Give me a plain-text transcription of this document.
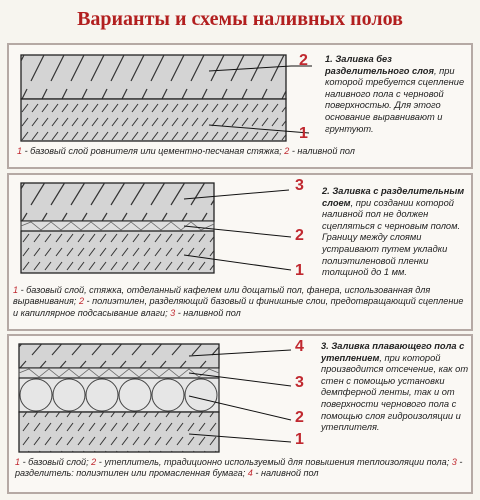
Варианты и схемы наливных полов
2
1
1. Заливка без разделительного слоя, при которой требуется сцепление наливного пола с черновой поверхностью. Для этого основание выравнивают и грунтуют.
1 - базовый слой ровнителя или цементно-песчаная стяжка; 2 - наливной пол
3
2
1
2. Заливка с разделительным слоем, при создании которой наливной пол не должен сцепляться с черновым полом. Границу между слоями устраивают путем укладки полиэтиленовой пленки толщиной до 1 мм.
1 - базовый слой, стяжка, отделанный кафелем или дощатый пол, фанера, использованная для выравнивания; 2 - полиэтилен, разделяющий базовый и финишные слои, предотвращающий сцепление и капиллярное подсасывание влаги; 3 - наливной пол
4
3
2
1
3. Заливка плавающего пола с утеплением, при которой производится отсечение, как от стен с помощью установки демпферной ленты, так и от поверхности чернового пола с помощью слоя гидроизоляции и утеплителя.
1 - базовый слой; 2 - утеплитель, традиционно используемый для повышения теплоизоляции пола; 3 - разделитель: полиэтилен или промасленная бумага; 4 - наливной пол
